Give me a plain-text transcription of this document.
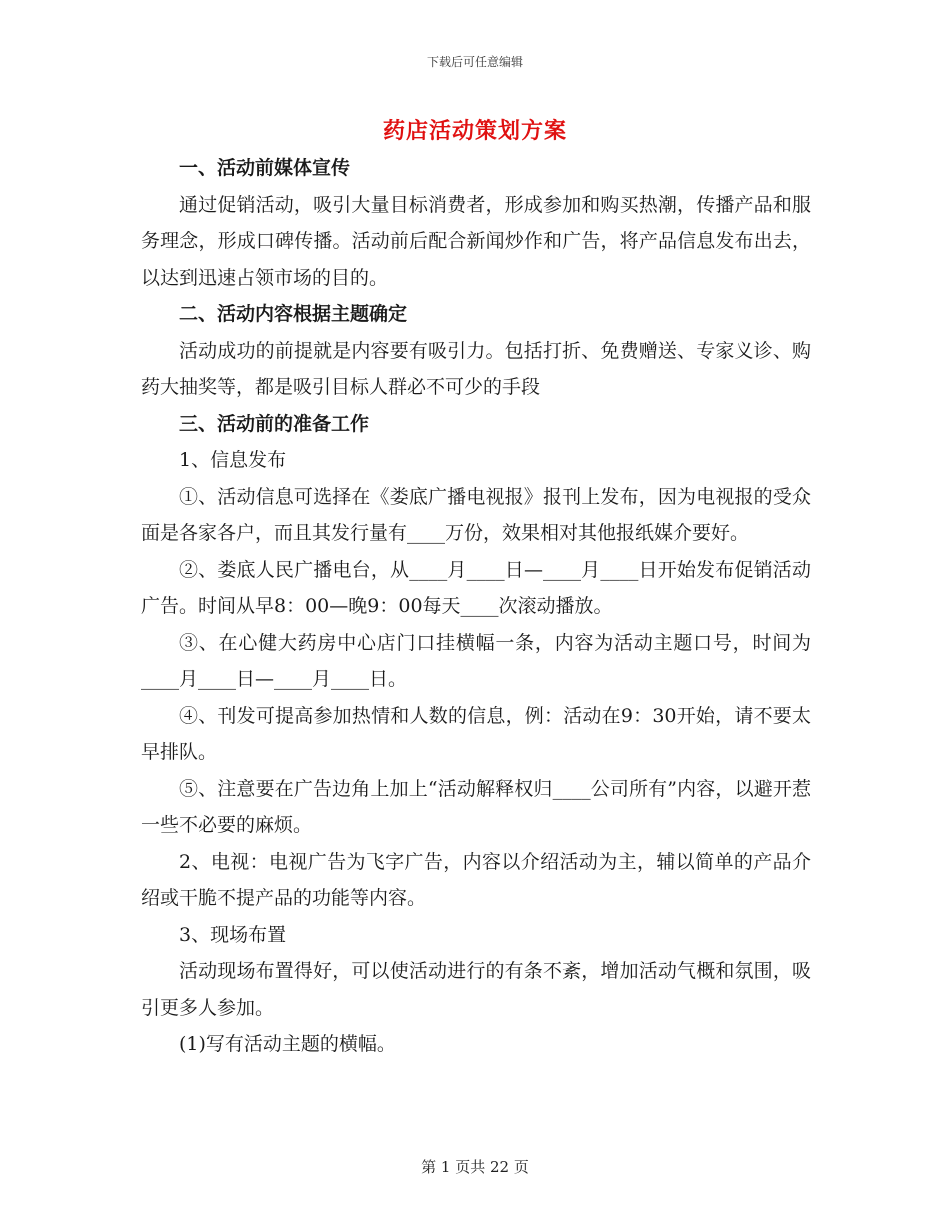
下载后可任意编辑
药店活动策划方案

一、活动前媒体宣传

通过促销活动，吸引大量目标消费者，形成参加和购买热潮，传播产品和服务理念，形成口碑传播。活动前后配合新闻炒作和广告，将产品信息发布出去，以达到迅速占领市场的目的。

二、活动内容根据主题确定

活动成功的前提就是内容要有吸引力。包括打折、免费赠送、专家义诊、购药大抽奖等，都是吸引目标人群必不可少的手段

三、活动前的准备工作

1、信息发布

①、活动信息可选择在《娄底广播电视报》报刊上发布，因为电视报的受众面是各家各户，而且其发行量有____万份，效果相对其他报纸媒介要好。

②、娄底人民广播电台，从____月____日—____月____日开始发布促销活动广告。时间从早8：00—晚9：00每天____次滚动播放。

③、在心健大药房中心店门口挂横幅一条，内容为活动主题口号，时间为____月____日—____月____日。

④、刊发可提高参加热情和人数的信息，例：活动在9：30开始，请不要太早排队。

⑤、注意要在广告边角上加上“活动解释权归____公司所有”内容，以避开惹一些不必要的麻烦。

2、电视：电视广告为飞字广告，内容以介绍活动为主，辅以简单的产品介绍或干脆不提产品的功能等内容。

3、现场布置

活动现场布置得好，可以使活动进行的有条不紊，增加活动气概和氛围，吸引更多人参加。

(1)写有活动主题的横幅。

第 1 页共 22 页
